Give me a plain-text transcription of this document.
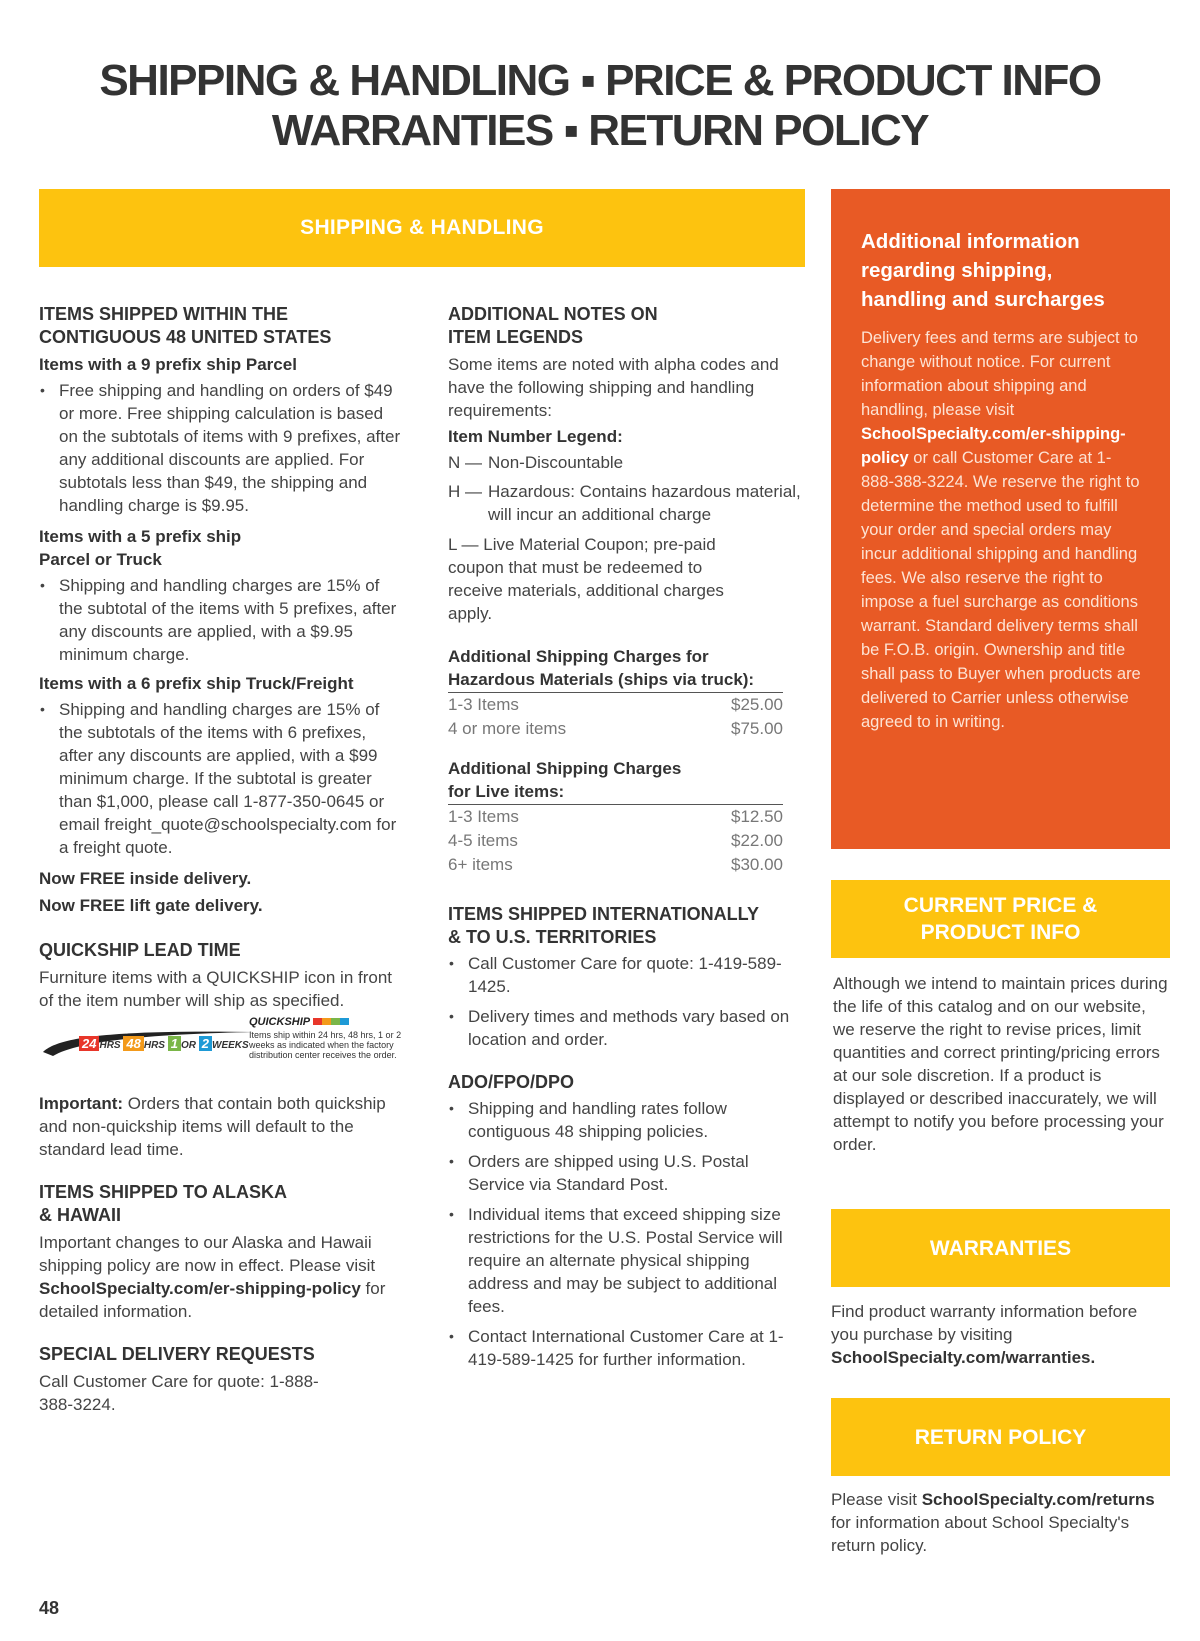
SHIPPING & HANDLING ▪ PRICE & PRODUCT INFO
WARRANTIES ▪ RETURN POLICY
SHIPPING & HANDLING
ITEMS SHIPPED WITHIN THE
CONTIGUOUS 48 UNITED STATES
Items with a 9 prefix ship Parcel
• Free shipping and handling on orders of $49 or more. Free shipping calculation is based on the subtotals of items with 9 prefixes, after any additional discounts are applied. For subtotals less than $49, the shipping and handling charge is $9.95.
Items with a 5 prefix ship
Parcel or Truck
• Shipping and handling charges are 15% of the subtotal of the items with 5 prefixes, after any discounts are applied, with a $9.95 minimum charge.
Items with a 6 prefix ship Truck/Freight
• Shipping and handling charges are 15% of the subtotals of the items with 6 prefixes, after any discounts are applied, with a $99 minimum charge. If the subtotal is greater than $1,000, please call 1-877-350-0645 or email freight_quote@schoolspecialty.com for a freight quote.
Now FREE inside delivery.
Now FREE lift gate delivery.
QUICKSHIP LEAD TIME

Furniture items with a QUICKSHIP icon in front of the item number will ship as specified.

24 HRS 48 HRS 1 OR 2 WEEKS
QUICKSHIP
Items ship within 24 hrs, 48 hrs, 1 or 2 weeks as indicated when the factory distribution center receives the order.

Important: Orders that contain both quickship and non-quickship items will default to the standard lead time.

ITEMS SHIPPED TO ALASKA
& HAWAII

Important changes to our Alaska and Hawaii shipping policy are now in effect. Please visit SchoolSpecialty.com/er-shipping-policy for detailed information.

SPECIAL DELIVERY REQUESTS

Call Customer Care for quote: 1-888-388-3224.

ADDITIONAL NOTES ON
ITEM LEGENDS

Some items are noted with alpha codes and have the following shipping and handling requirements:

Item Number Legend:
N — Non-Discountable
H — Hazardous: Contains hazardous material, will incur an additional charge

L — Live Material Coupon; pre-paid coupon that must be redeemed to receive materials, additional charges apply.

Additional Shipping Charges for
Hazardous Materials (ships via truck):
1-3 Items	$25.00
4 or more items	$75.00
Additional Shipping Charges
for Live items:
1-3 Items	$12.50
4-5 items	$22.00
6+ items	$30.00
ITEMS SHIPPED INTERNATIONALLY
& TO U.S. TERRITORIES
• Call Customer Care for quote: 1-419-589-1425.
• Delivery times and methods vary based on location and order.
ADO/FPO/DPO
• Shipping and handling rates follow contiguous 48 shipping policies.
• Orders are shipped using U.S. Postal Service via Standard Post.
• Individual items that exceed shipping size restrictions for the U.S. Postal Service will require an alternate physical shipping address and may be subject to additional fees.
• Contact International Customer Care at 1-419-589-1425 for further information.
Additional information regarding shipping, handling and surcharges

Delivery fees and terms are subject to change without notice. For current information about shipping and handling, please visit SchoolSpecialty.com/er-shipping-policy or call Customer Care at 1-888-388-3224. We reserve the right to determine the method used to fulfill your order and special orders may incur additional shipping and handling fees. We also reserve the right to impose a fuel surcharge as conditions warrant. Standard delivery terms shall be F.O.B. origin. Ownership and title shall pass to Buyer when products are delivered to Carrier unless otherwise agreed to in writing.

CURRENT PRICE &
PRODUCT INFO

Although we intend to maintain prices during the life of this catalog and on our website, we reserve the right to revise prices, limit quantities and correct printing/pricing errors at our sole discretion. If a product is displayed or described inaccurately, we will attempt to notify you before processing your order.

WARRANTIES

Find product warranty information before you purchase by visiting SchoolSpecialty.com/warranties.

RETURN POLICY

Please visit SchoolSpecialty.com/returns for information about School Specialty's return policy.

48
